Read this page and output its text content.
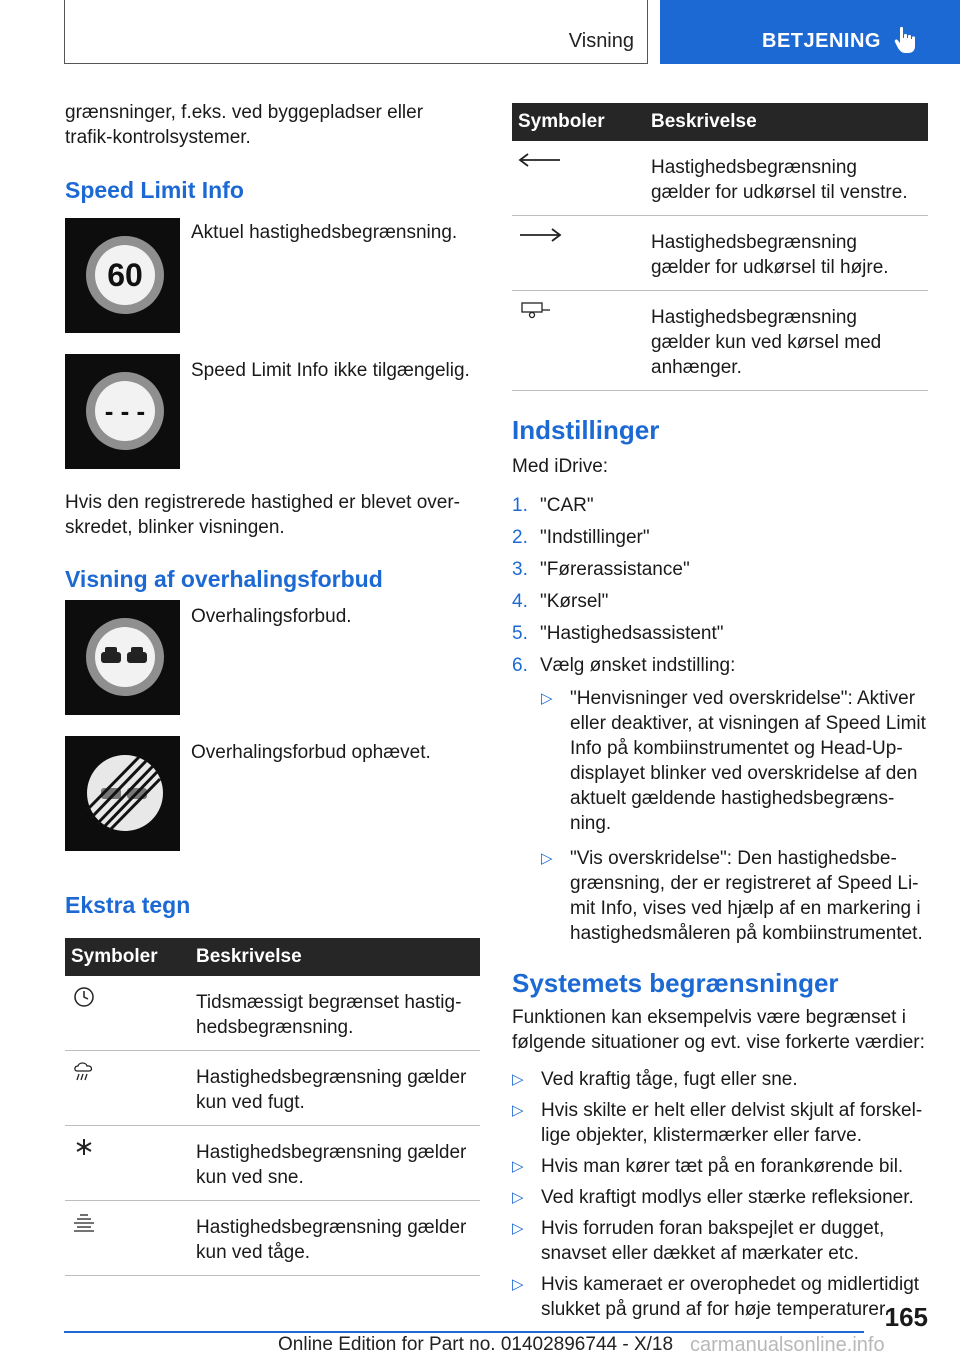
Visning	BETJENING

grænsninger, f.eks. ved byggepladser eller trafik-kontrolsystemer.

Speed Limit Info
60
Aktuel hastighedsbegrænsning.
- - -
Speed Limit Info ikke tilgængelig.

Hvis den registrerede hastighed er blevet over-skredet, blinker visningen.

Visning af overhalingsforbud
Overhalingsforbud.
Overhalingsforbud ophævet.
Ekstra tegn
Symboler	Beskrivelse
	Tidsmæssigt begrænset hastig-hedsbegrænsning.
	Hastighedsbegrænsning gælder kun ved fugt.
	Hastighedsbegrænsning gælder kun ved sne.
	Hastighedsbegrænsning gælder kun ved tåge.
Symboler	Beskrivelse
	Hastighedsbegrænsning gælder for udkørsel til venstre.
	Hastighedsbegrænsning gælder for udkørsel til højre.
	Hastighedsbegrænsning gælder kun ved kørsel med anhænger.
Indstillinger

Med iDrive:

1. "CAR"
2. "Indstillinger"
3. "Førerassistance"
4. "Kørsel"
5. "Hastighedsassistent"
6. Vælg ønsket indstilling:
▷ "Henvisninger ved overskridelse": Aktiver eller deaktiver, at visningen af Speed Limit Info på kombiinstrumentet og Head-Up-displayet blinker ved overskridelse af den aktuelt gældende hastighedsbegræns-ning.
▷ "Vis overskridelse": Den hastighedsbe-grænsning, der er registreret af Speed Li-mit Info, vises ved hjælp af en markering i hastighedsmåleren på kombiinstrumentet.
Systemets begrænsninger

Funktionen kan eksempelvis være begrænset i følgende situationer og evt. vise forkerte værdier:

▷ Ved kraftig tåge, fugt eller sne.
▷ Hvis skilte er helt eller delvist skjult af forskel-lige objekter, klistermærker eller farve.
▷ Hvis man kører tæt på en forankørende bil.
▷ Ved kraftigt modlys eller stærke refleksioner.
▷ Hvis forruden foran bakspejlet er dugget, snavset eller dækket af mærkater etc.
▷ Hvis kameraet er overophedet og midlertidigt slukket på grund af for høje temperaturer.
165
Online Edition for Part no. 01402896744 - X/18 carmanualsonline.info
